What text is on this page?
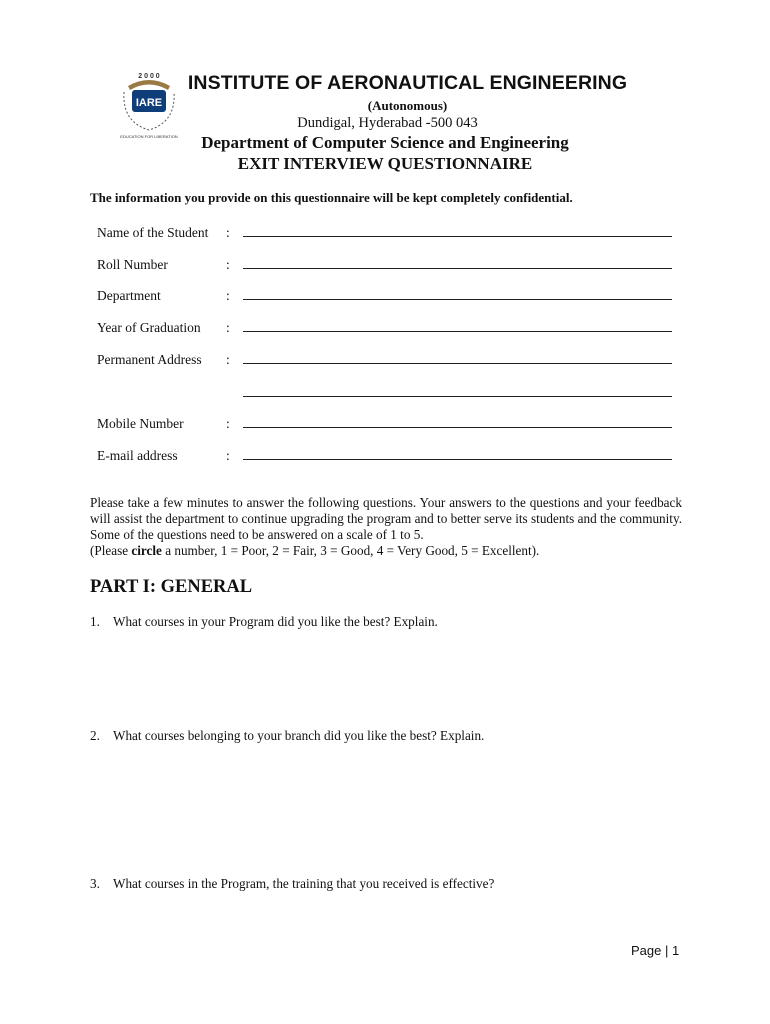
2 0 0 0
IARE
EDUCATION FOR LIBERATION
INSTITUTE OF AERONAUTICAL ENGINEERING
(Autonomous)
Dundigal, Hyderabad -500 043
Department of Computer Science and Engineering
EXIT INTERVIEW QUESTIONNAIRE
The information you provide on this questionnaire will be kept completely confidential.
Name of the Student :
Roll Number	:
Department	:
Year of Graduation :
Permanent Address :
Mobile Number	:
E-mail address	:

Please take a few minutes to answer the following questions. Your answers to the questions and your feedback will assist the department to continue upgrading the program and to better serve its students and the community. Some of the questions need to be answered on a scale of 1 to 5.

(Please circle a number, 1 = Poor, 2 = Fair, 3 = Good, 4 = Very Good, 5 = Excellent).

PART I: GENERAL
1. What courses in your Program did you like the best? Explain.
2. What courses belonging to your branch did you like the best? Explain.
3. What courses in the Program, the training that you received is effective?
Page | 1
